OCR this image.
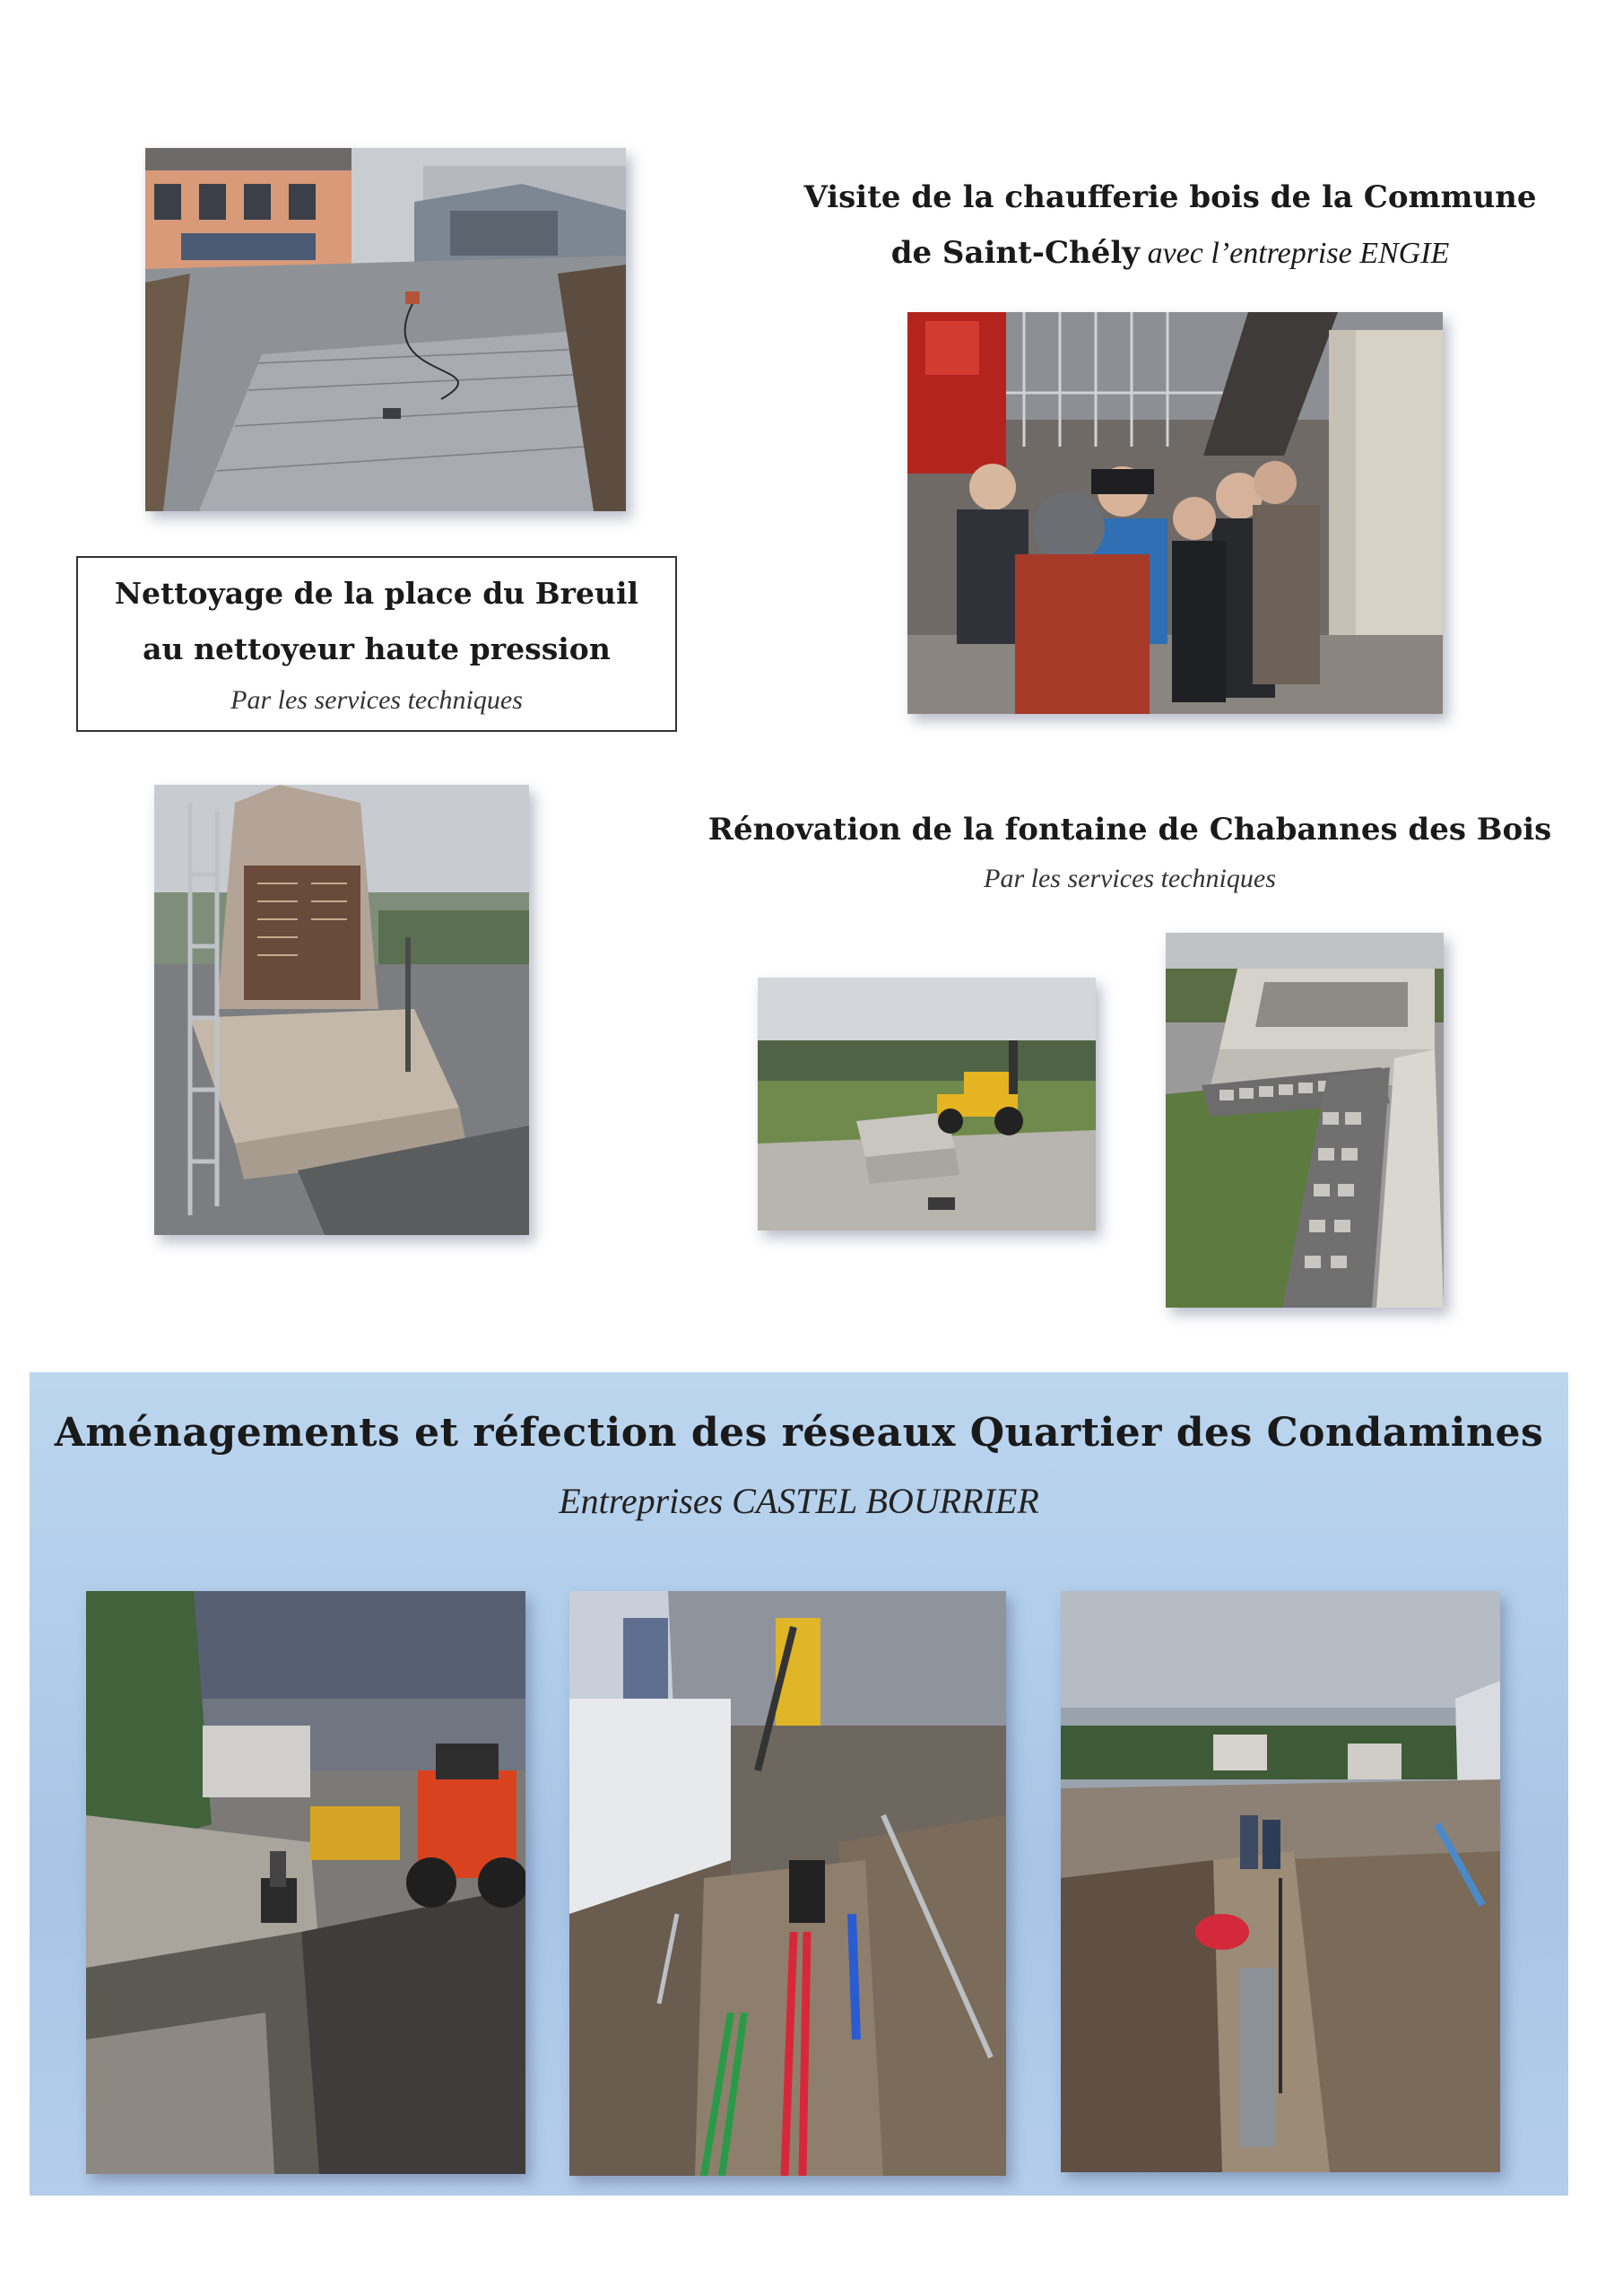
Nettoyage de la place du Breuil
au nettoyeur haute pression
Par les services techniques
Visite de la chaufferie bois de la Commune
de Saint-Chély avec l’entreprise ENGIE
Rénovation de la fontaine de Chabannes des Bois
Par les services techniques
Aménagements et réfection des réseaux Quartier des Condamines
Entreprises CASTEL BOURRIER
